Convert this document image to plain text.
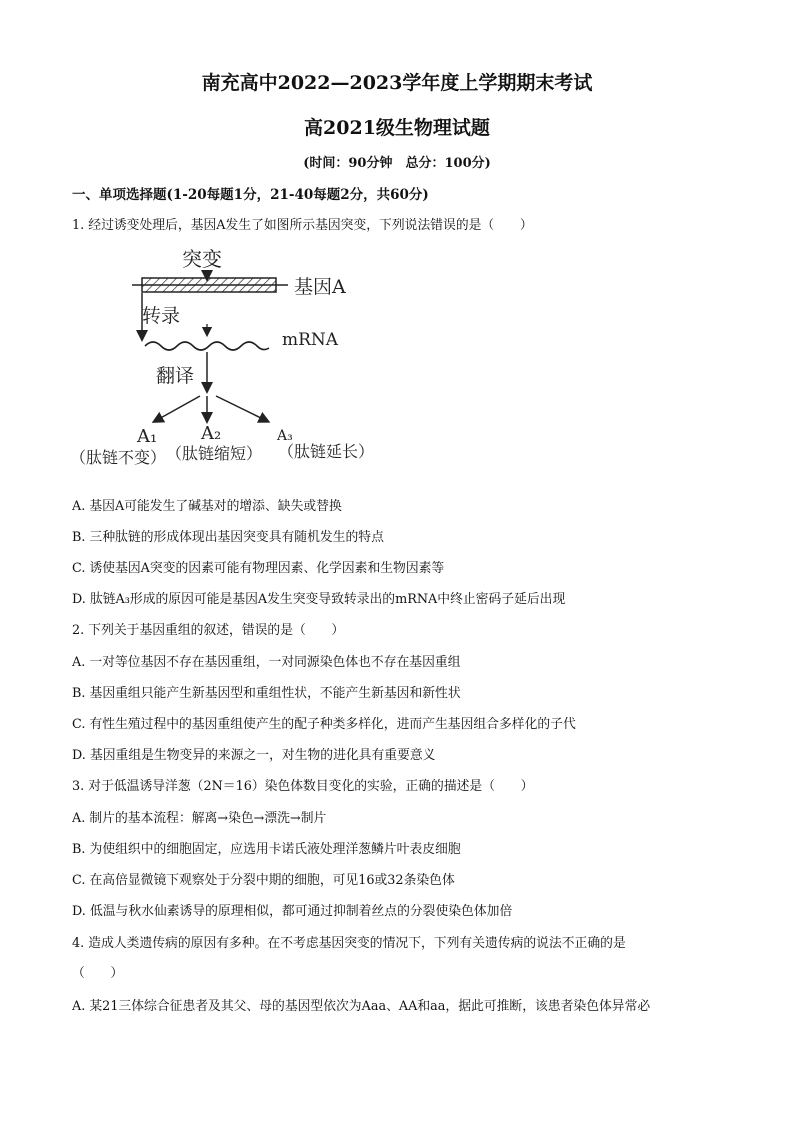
南充高中2022—2023学年度上学期期末考试
高2021级生物理试题
(时间：90分钟　总分：100分)
一、单项选择题(1-20每题1分，21-40每题2分，共60分)
1. 经过诱变处理后，基因A发生了如图所示基因突变，下列说法错误的是（　　）
突变
基因A
转录
mRNA
翻译
A₁ A₂	A₃
（肽链不变） （肽链缩短） （肽链延长）
A. 基因A可能发生了碱基对的增添、缺失或替换
B. 三种肽链的形成体现出基因突变具有随机发生的特点
C. 诱使基因A突变的因素可能有物理因素、化学因素和生物因素等
D. 肽链A₃形成的原因可能是基因A发生突变导致转录出的mRNA中终止密码子延后出现
2. 下列关于基因重组的叙述，错误的是（　　）
A. 一对等位基因不存在基因重组，一对同源染色体也不存在基因重组
B. 基因重组只能产生新基因型和重组性状，不能产生新基因和新性状
C. 有性生殖过程中的基因重组使产生的配子种类多样化，进而产生基因组合多样化的子代
D. 基因重组是生物变异的来源之一，对生物的进化具有重要意义
3. 对于低温诱导洋葱（2N＝16）染色体数目变化的实验，正确的描述是（　　）
A. 制片的基本流程：解离→染色→漂洗→制片
B. 为使组织中的细胞固定，应选用卡诺氏液处理洋葱鳞片叶表皮细胞
C. 在高倍显微镜下观察处于分裂中期的细胞，可见16或32条染色体
D. 低温与秋水仙素诱导的原理相似，都可通过抑制着丝点的分裂使染色体加倍
4. 造成人类遗传病的原因有多种。在不考虑基因突变的情况下，下列有关遗传病的说法不正确的是
（　　）
A. 某21三体综合征患者及其父、母的基因型依次为Aaa、AA和aa，据此可推断，该患者染色体异常必
